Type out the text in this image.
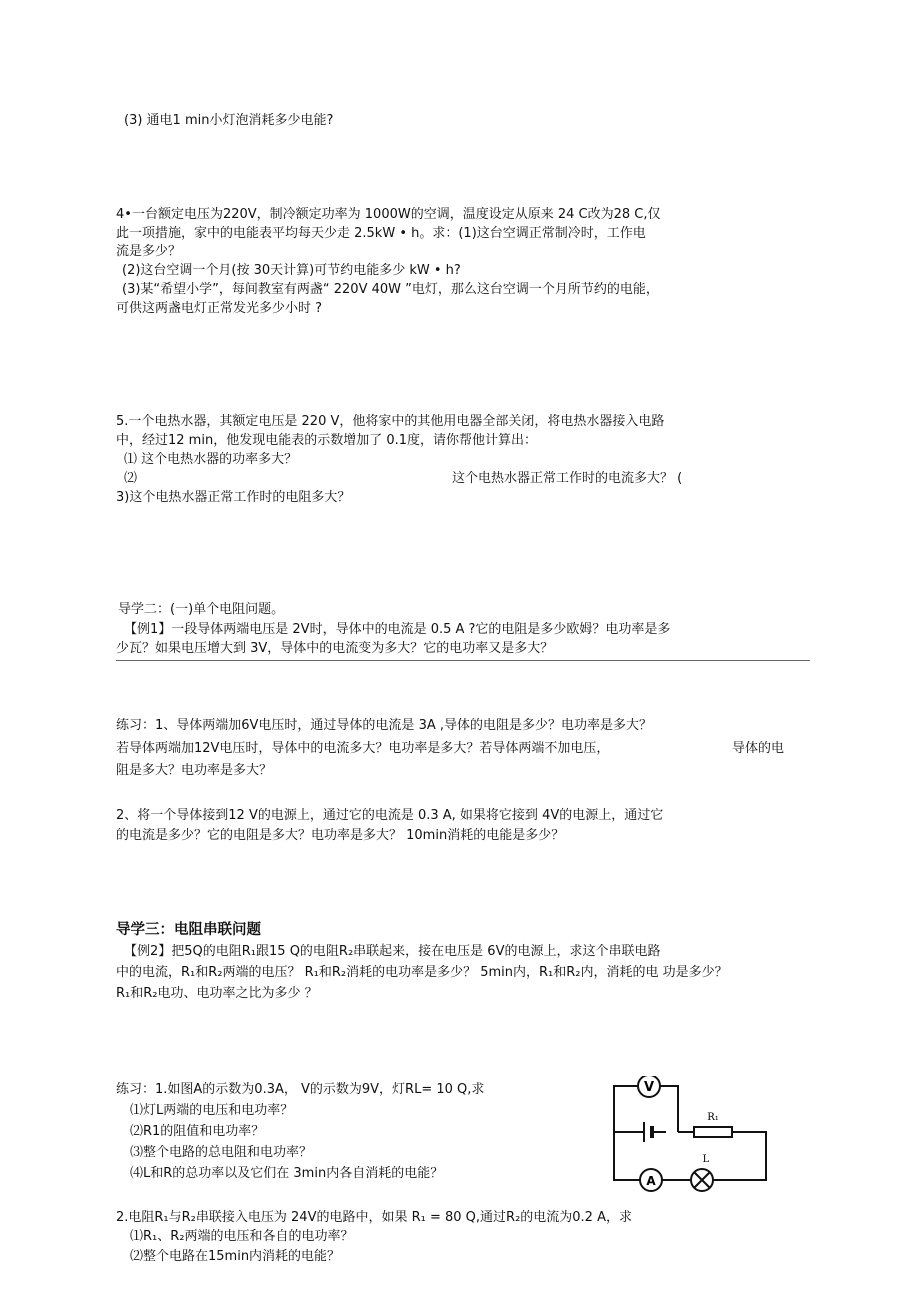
(3) 通电1 min小灯泡消耗多少电能?
4•一台额定电压为220V，制冷额定功率为 1000W的空调，温度设定从原来 24 C改为28 C,仅
此一项措施，家中的电能表平均每天少走 2.5kW • h。求：(1)这台空调正常制冷时，工作电
流是多少？
(2)这台空调一个月(按 30天计算)可节约电能多少 kW • h?
(3)某“希望小学”，每间教室有两盏“ 220V 40W ”电灯，那么这台空调一个月所节约的电能，
可供这两盏电灯正常发光多少小时 ?
5.一个电热水器，其额定电压是 220 V，他将家中的其他用电器全部关闭，将电热水器接入电路
中，经过12 min，他发现电能表的示数增加了 0.1度，请你帮他计算出：
⑴ 这个电热水器的功率多大？
⑵	这个电热水器正常工作时的电流多大？ (
3)这个电热水器正常工作时的电阻多大？
导学二：(一)单个电阻问题。
【例1】一段导体两端电压是 2V时，导体中的电流是 0.5 A ?它的电阻是多少欧姆？电功率是多
少瓦？如果电压增大到 3V，导体中的电流变为多大？它的电功率又是多大？
练习：1、导体两端加6V电压时，通过导体的电流是 3A ,导体的电阻是多少？电功率是多大？
若导体两端加12V电压时，导体中的电流多大？电功率是多大？若导体两端不加电压，	导体的电
阻是多大？电功率是多大？
2、将一个导体接到12 V的电源上，通过它的电流是 0.3 A, 如果将它接到 4V的电源上，通过它
的电流是多少？它的电阻是多大？电功率是多大？ 10min消耗的电能是多少？
导学三：电阻串联问题
【例2】把5Q的电阻R₁跟15 Q的电阻R₂串联起来，接在电压是 6V的电源上，求这个串联电路
中的电流，R₁和R₂两端的电压？ R₁和R₂消耗的电功率是多少？ 5min内，R₁和R₂内，消耗的电 功是多少？
R₁和R₂电功、电功率之比为多少 ？
练习：1.如图A的示数为0.3A， V的示数为9V，灯RL= 10 Q,求
⑴灯L两端的电压和电功率？
⑵R1的阻值和电功率？
⑶整个电路的总电阻和电功率？
⑷L和R的总功率以及它们在 3min内各自消耗的电能？
2.电阻R₁与R₂串联接入电压为 24V的电路中，如果 R₁ = 80 Q,通过R₂的电流为0.2 A，求
⑴R₁、R₂两端的电压和各自的电功率？
⑵整个电路在15min内消耗的电能？
V
R₁
A
L
